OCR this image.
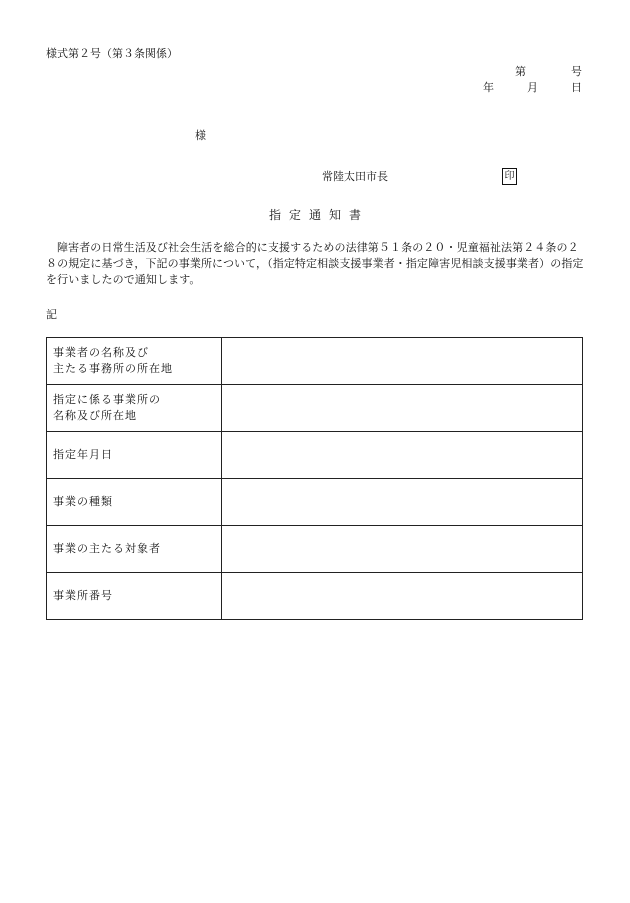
様式第２号（第３条関係）
第	号
年	月	日
様
常陸太田市長	印
指定通知書
障害者の日常生活及び社会生活を総合的に支援するための法律第５１条の２０・児童福祉法第２４条の２８の規定に基づき，下記の事業所について，（指定特定相談支援事業者・指定障害児相談支援事業者）の指定を行いましたので通知します。
記
事業者の名称及び
主たる事務所の所在地	

指定に係る事業所の
名称及び所在地	

指定年月日	

事業の種類	

事業の主たる対象者	

事業所番号	
